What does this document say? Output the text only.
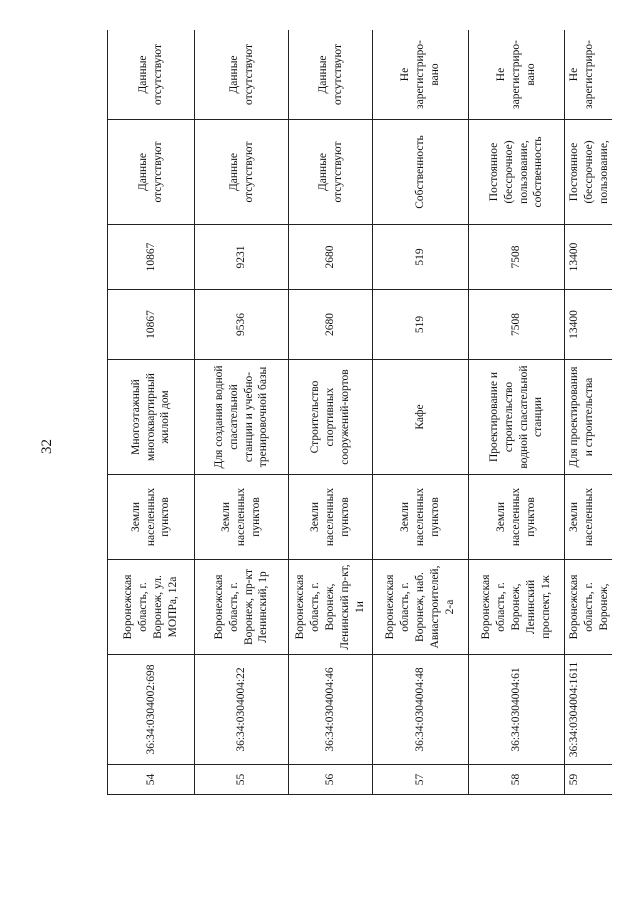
32
54	36:34:0304002:698	Воронежская область, г. Воронеж, ул. МОПРа, 12а	Земли населенных пунктов	Многоэтажный многоквартирный жилой дом	10867	10867	Данные отсутствуют	Данные отсутствуют
55	36:34:0304004:22	Воронежская область, г. Воронеж, пр-кт Ленинский, 1р	Земли населенных пунктов	Для создания водной спасательной станции и учебно-тренировочной базы	9536	9231	Данные отсутствуют	Данные отсутствуют
56	36:34:0304004:46	Воронежская область, г. Воронеж, Ленинский пр-кт, 1и	Земли населенных пунктов	Строительство спортивных сооружений-кортов	2680	2680	Данные отсутствуют	Данные отсутствуют
57	36:34:0304004:48	Воронежская область, г. Воронеж, наб. Авиастроителей, 2-а	Земли населенных пунктов	Кафе	519	519	Собственность	Не зарегистриро-вано
58	36:34:0304004:61	Воронежская область, г. Воронеж, Ленинский проспект, 1ж	Земли населенных пунктов	Проектирование и строительство водной спасательной станции	7508	7508	Постоянное (бессрочное) пользование, собственность	Не зарегистриро-вано
59	36:34:0304004:1611	Воронежская область, г. Воронеж,	Земли населенных	Для проектирования и строительства	13400	13400	Постоянное (бессрочное) пользование,	Не зарегистриро-
